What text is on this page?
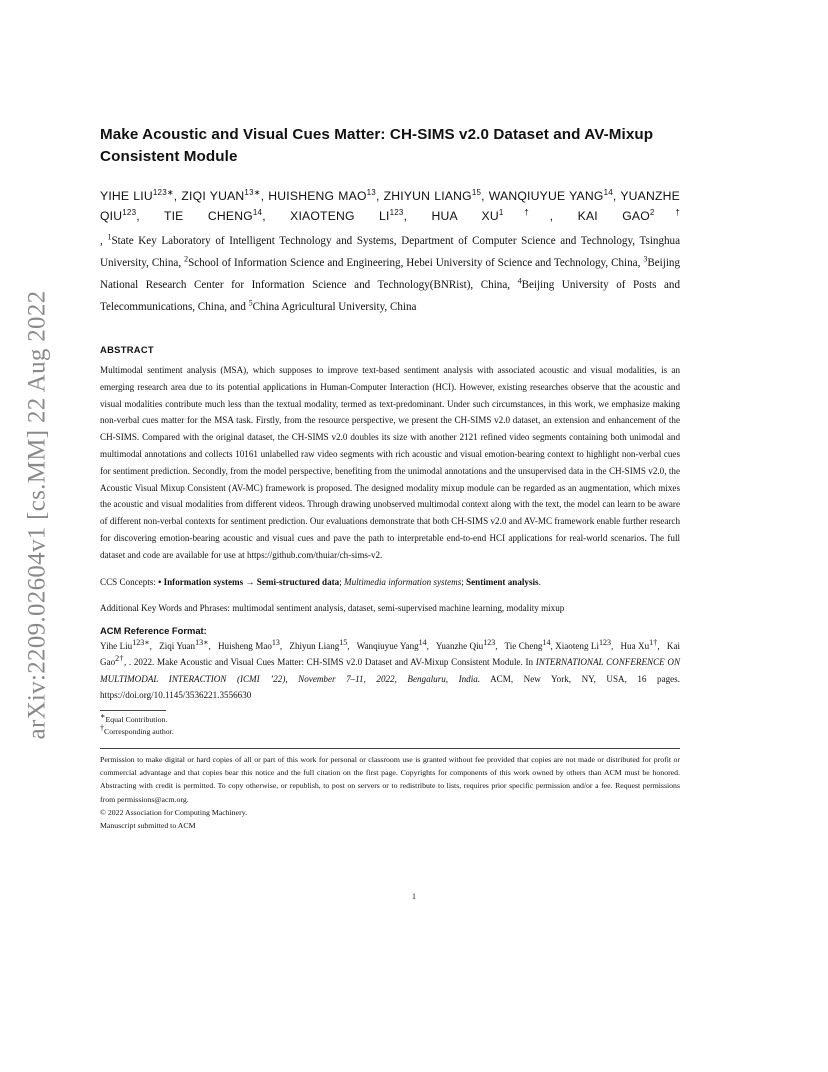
arXiv:2209.02604v1 [cs.MM] 22 Aug 2022
Make Acoustic and Visual Cues Matter: CH-SIMS v2.0 Dataset and AV-Mixup Consistent Module

YIHE $LIU^{123∗}$, ZIQI $YUAN^{13∗}$, HUISHENG MAO$^{13}$, ZHIYUN LIANG$^{15}$, WANQIUYUE YANG$^{14}$, YUANZHE QIU$^{123}$, TIE CHENG$^{14}$, XIAOTENG LI$^{123}$, HUA $XU^{1\dagger}$, KAI $GAO^{2\dagger}$

, $^1$State Key Laboratory of Intelligent Technology and Systems, Department of Computer Science and Technology, Tsinghua University, China, $^2$School of Information Science and Engineering, Hebei University of Science and Technology, China, $^3$Beijing National Research Center for Information Science and Technology(BNRist), China, $^4$Beijing University of Posts and Telecommunications, China, and $^5$China Agricultural University, China

ABSTRACT

Multimodal sentiment analysis (MSA), which supposes to improve text-based sentiment analysis with associated acoustic and visual modalities, is an emerging research area due to its potential applications in Human-Computer Interaction (HCI). However, existing researches observe that the acoustic and visual modalities contribute much less than the textual modality, termed as text-predominant. Under such circumstances, in this work, we emphasize making non-verbal cues matter for the MSA task. Firstly, from the resource perspective, we present the CH-SIMS v2.0 dataset, an extension and enhancement of the CH-SIMS. Compared with the original dataset, the CH-SIMS v2.0 doubles its size with another 2121 refined video segments containing both unimodal and multimodal annotations and collects 10161 unlabelled raw video segments with rich acoustic and visual emotion-bearing context to highlight non-verbal cues for sentiment prediction. Secondly, from the model perspective, benefiting from the unimodal annotations and the unsupervised data in the CH-SIMS v2.0, the Acoustic Visual Mixup Consistent (AV-MC) framework is proposed. The designed modality mixup module can be regarded as an augmentation, which mixes the acoustic and visual modalities from different videos. Through drawing unobserved multimodal context along with the text, the model can learn to be aware of different non-verbal contexts for sentiment prediction. Our evaluations demonstrate that both CH-SIMS v2.0 and AV-MC framework enable further research for discovering emotion-bearing acoustic and visual cues and pave the path to interpretable end-to-end HCI applications for real-world scenarios. The full dataset and code are available for use at https://github.com/thuiar/ch-sims-v2.

CCS Concepts: • Information systems → Semi-structured data; Multimedia information systems; Sentiment analysis.

Additional Key Words and Phrases: multimodal sentiment analysis, dataset, semi-supervised machine learning, modality mixup

ACM Reference Format:

Yihe Liu$^{123∗}$,   Ziqi Yuan$^{13∗}$,   Huisheng Mao$^{13}$,   Zhiyun Liang$^{15}$,   Wanqiuyue Yang$^{14}$,   Yuanzhe Qiu$^{123}$,   Tie Cheng$^{14}$, Xiaoteng Li$^{123}$,   Hua $Xu^{1\dagger}$,   Kai Gao$^{2\dagger}$, . 2022. Make Acoustic and Visual Cues Matter: CH-SIMS v2.0 Dataset and AV-Mixup Consistent Module. In INTERNATIONAL CONFERENCE ON MULTIMODAL INTERACTION (ICMI ’22), November 7–11, 2022, Bengaluru, India. ACM, New York, NY, USA, 16 pages. https://doi.org/10.1145/3536221.3556630

∗Equal Contribution.

†Corresponding author.

Permission to make digital or hard copies of all or part of this work for personal or classroom use is granted without fee provided that copies are not made or distributed for profit or commercial advantage and that copies bear this notice and the full citation on the first page. Copyrights for components of this work owned by others than ACM must be honored. Abstracting with credit is permitted. To copy otherwise, or republish, to post on servers or to redistribute to lists, requires prior specific permission and/or a fee. Request permissions from permissions@acm.org.

© 2022 Association for Computing Machinery.

Manuscript submitted to ACM

1
